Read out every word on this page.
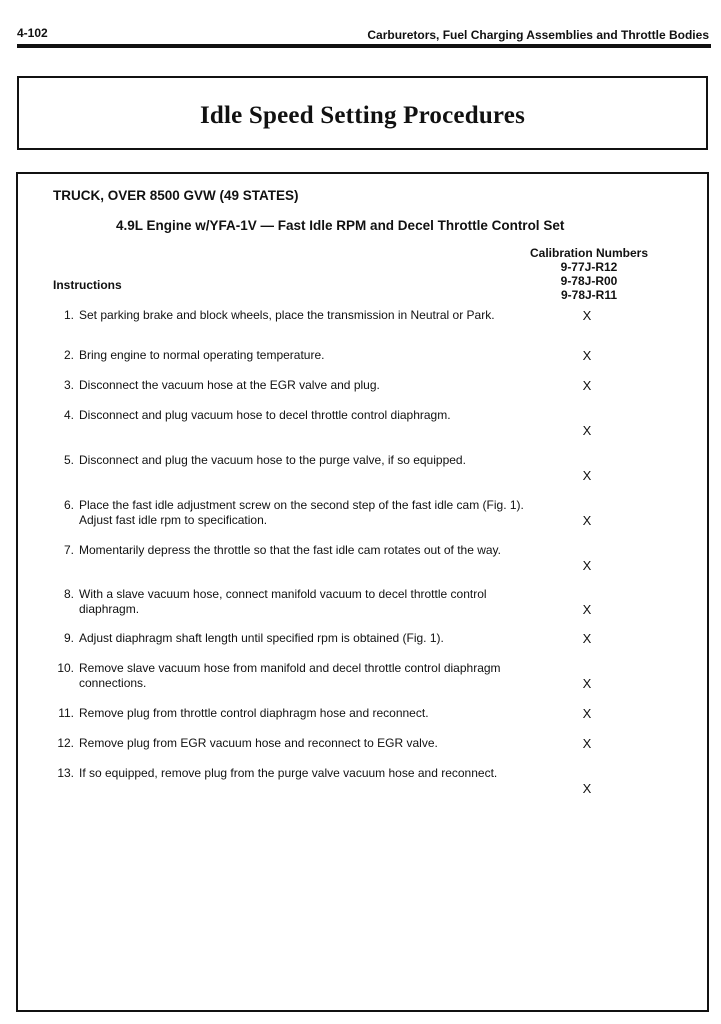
4-102	Carburetors, Fuel Charging Assemblies and Throttle Bodies
Idle Speed Setting Procedures
TRUCK, OVER 8500 GVW (49 STATES)
4.9L Engine w/YFA-1V — Fast Idle RPM and Decel Throttle Control Set
Calibration Numbers
9-77J-R12
9-78J-R00
9-78J-R11
Instructions
1. Set parking brake and block wheels, place the transmission in Neutral or Park.	X
2. Bring engine to normal operating temperature.	X
3. Disconnect the vacuum hose at the EGR valve and plug.	X
4. Disconnect and plug vacuum hose to decel throttle control diaphragm.
X
5. Disconnect and plug the vacuum hose to the purge valve, if so equipped.
X
6. Place the fast idle adjustment screw on the second step of the fast idle cam (Fig. 1). Adjust fast idle rpm to specification.	X
7. Momentarily depress the throttle so that the fast idle cam rotates out of the way.
X
8. With a slave vacuum hose, connect manifold vacuum to decel throttle control diaphragm.	X
9. Adjust diaphragm shaft length until specified rpm is obtained (Fig. 1).	X
10. Remove slave vacuum hose from manifold and decel throttle control diaphragm connections.	X
11. Remove plug from throttle control diaphragm hose and reconnect.	X
12. Remove plug from EGR vacuum hose and reconnect to EGR valve.	X
13. If so equipped, remove plug from the purge valve vacuum hose and reconnect.
X
